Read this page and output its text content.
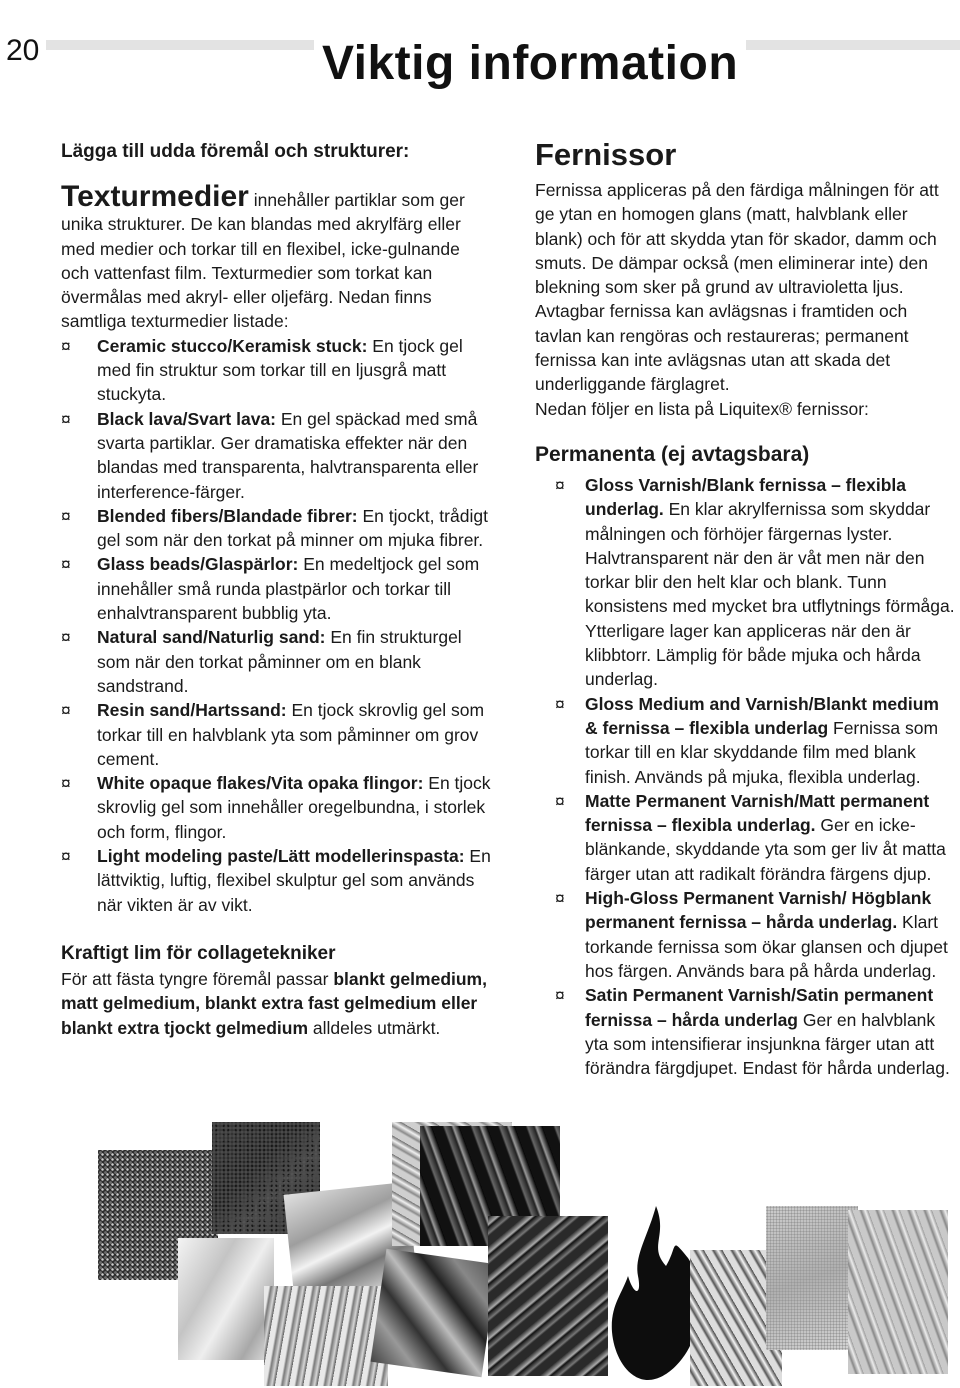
20	Viktig information
Lägga till udda föremål och strukturer:

Texturmedier innehåller partiklar som ger unika strukturer. De kan blandas med akrylfärg eller med medier och torkar till en flexibel, icke-gulnande och vattenfast film. Texturmedier som torkat kan övermålas med akryl- eller oljefärg. Nedan finns samtliga texturmedier listade:

¤ Ceramic stucco/Keramisk stuck: En tjock gel med fin struktur som torkar till en ljusgrå matt stuckyta.
¤ Black lava/Svart lava: En gel späckad med små svarta partiklar. Ger dramatiska effekter när den blandas med transparenta, halvtransparenta eller interference-färger.
¤ Blended fibers/Blandade fibrer: En tjockt, trådigt gel som när den torkat på minner om mjuka fibrer.
¤ Glass beads/Glaspärlor: En medeltjock gel som innehåller små runda plastpärlor och torkar till enhalvtransparent bubblig yta.
¤ Natural sand/Naturlig sand: En fin strukturgel som när den torkat påminner om en blank sandstrand.
¤ Resin sand/Hartssand: En tjock skrovlig gel som torkar till en halvblank yta som påminner om grov cement.
¤ White opaque flakes/Vita opaka flingor: En tjock skrovlig gel som innehåller oregelbundna, i storlek och form, flingor.
¤ Light modeling paste/Lätt modellerinspasta: En lättviktig, luftig, flexibel skulptur gel som används när vikten är av vikt.
Kraftigt lim för collagetekniker

För att fästa tyngre föremål passar blankt gelmedium, matt gelmedium, blankt extra fast gelmedium eller blankt extra tjockt gelmedium alldeles utmärkt.

Fernissor

Fernissa appliceras på den färdiga målningen för att ge ytan en homogen glans (matt, halvblank eller blank) och för att skydda ytan för skador, damm och smuts. De dämpar också (men eliminerar inte) den blekning som sker på grund av ultravioletta ljus. Avtagbar fernissa kan avlägsnas i framtiden och tavlan kan rengöras och restaureras; permanent fernissa kan inte avlägsnas utan att skada det underliggande färglagret.

Nedan följer en lista på Liquitex® fernissor:

Permanenta (ej avtagsbara)
¤ Gloss Varnish/Blank fernissa – flexibla underlag. En klar akrylfernissa som skyddar målningen och förhöjer färgernas lyster. Halvtransparent när den är våt men när den torkar blir den helt klar och blank. Tunn konsistens med mycket bra utflytnings förmåga. Ytterligare lager kan appliceras när den är klibbtorr. Lämplig för både mjuka och hårda underlag.
¤ Gloss Medium and Varnish/Blankt medium & fernissa – flexibla underlag Fernissa som torkar till en klar skyddande film med blank finish. Används på mjuka, flexibla underlag.
¤ Matte Permanent Varnish/Matt permanent fernissa – flexibla underlag. Ger en icke-blänkande, skyddande yta som ger liv åt matta färger utan att radikalt förändra färgens djup.
¤ High-Gloss Permanent Varnish/ Högblank permanent fernissa – hårda underlag. Klart torkande fernissa som ökar glansen och djupet hos färgen. Används bara på hårda underlag.
¤ Satin Permanent Varnish/Satin permanent fernissa – hårda underlag Ger en halvblank yta som intensifierar insjunkna färger utan att förändra färgdjupet. Endast för hårda underlag.
